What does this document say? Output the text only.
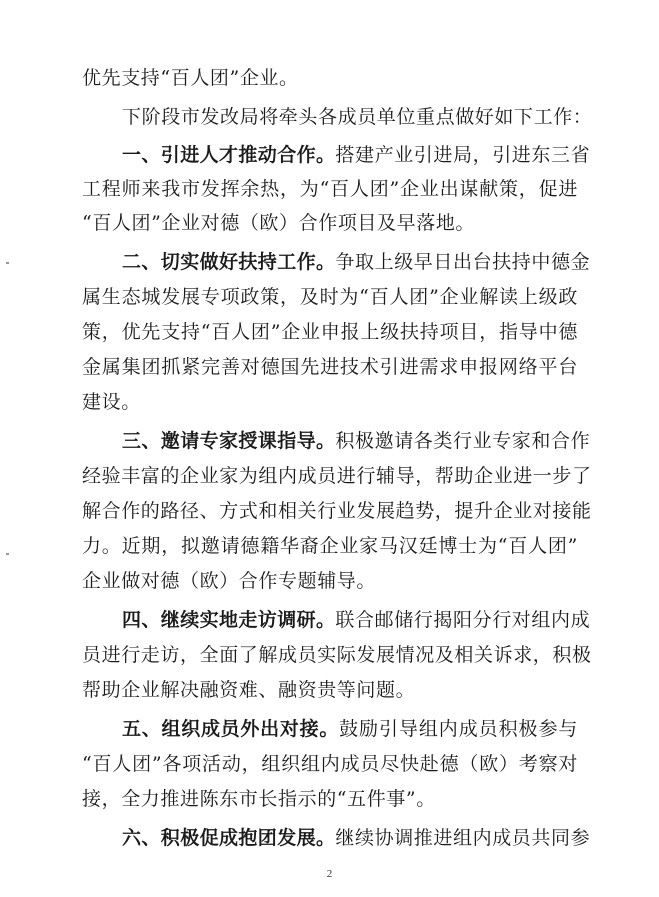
优先支持“百人团”企业。
下阶段市发改局将牵头各成员单位重点做好如下工作：
一、引进人才推动合作。搭建产业引进局，引进东三省
工程师来我市发挥余热，为“百人团”企业出谋献策，促进
“百人团”企业对德（欧）合作项目及早落地。
二、切实做好扶持工作。争取上级早日出台扶持中德金
属生态城发展专项政策，及时为“百人团”企业解读上级政
策，优先支持“百人团”企业申报上级扶持项目，指导中德
金属集团抓紧完善对德国先进技术引进需求申报网络平台
建设。
三、邀请专家授课指导。积极邀请各类行业专家和合作
经验丰富的企业家为组内成员进行辅导，帮助企业进一步了
解合作的路径、方式和相关行业发展趋势，提升企业对接能
力。近期，拟邀请德籍华裔企业家马汉廷博士为“百人团”
企业做对德（欧）合作专题辅导。
四、继续实地走访调研。联合邮储行揭阳分行对组内成
员进行走访，全面了解成员实际发展情况及相关诉求，积极
帮助企业解决融资难、融资贵等问题。
五、组织成员外出对接。鼓励引导组内成员积极参与
“百人团”各项活动，组织组内成员尽快赴德（欧）考察对
接，全力推进陈东市长指示的“五件事”。
六、积极促成抱团发展。继续协调推进组内成员共同参
2
